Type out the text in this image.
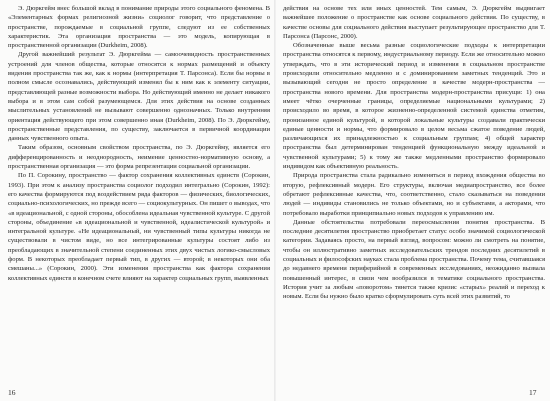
Э. Дюркгейм внес большой вклад в понимание природы этого социального феномена. В «Элементарных формах религиозной жизни» социолог говорит, что представление о пространстве, порождаемые в социальной группе, следуют из ее собственных характеристик. Эта организация пространства — это модель, копирующая в пространственной организации (Durkheim, 2008).

Другой важнейший результат Э. Дюркгейма — самоочевидность пространственных устроений для членов общества, которые относятся к нормах размещений и объекту видения пространства так же, как к нормы (интерпретация Т. Парсонса). Если бы нормы в полном смысле осознавались, действующий изменял бы к ним как к элементу ситуации, представляющей разные возможности выбора. Но действующий именно не делает никакого выбора и в этом сам собой разумеющемся. Для этих действия на основе созданных мыслительных установлений не вызывают совершенно однозначных. Только внутренняя ориентация действующего при этом совершенно иная (Durkheim, 2008). По Э. Дюркгейму, пространственные представления, по существу, заключается в первичной координации данных чувственного опыта.

Таким образом, основным свойством пространства, по Э. Дюркгейму, является его дифференцированность и неоднородность, неимение ценностно-нормативную основу, а пространственная организация — это форма репрезентации социальной организации.

По П. Сорокину, пространство — фактор сохранения коллективных единств (Сорокин, 1993). При этом к анализу пространства социолог подходил интегрально (Сорокин, 1992): его качества формируются под воздействием ряда факторов — физических, биологических, социально-психологических, но прежде всего — социокультурных. Он пишет о выводах, что «в идеациональной, с одной стороны, обособлена идеальная чувственной культуре. С другой стороны, объединение «в идеациональной и чувственной, идеалистической культурой» и интегральной культуре. «Не идеациональный, ни чувственный типы культуры никогда не существовали в чистом виде, но все интегрированные культуры состоят либо из преобладающих в значительной степени соединенных этих двух чистых логико-смысловых форм. В некоторых преобладает первый тип, в других — второй; в некоторых они оба смешаны...» (Сорокин, 2000). Эти изменения пространства как фактора сохранения коллективных единств в конечном счете влияют на характер социальных групп, выявленных

действия на основе тех или иных ценностей. Тем самым, Э. Дюркгейм выдвигает важнейшее положение о пространстве как основе социального действия. По существу, в качестве основы для социального действия выступает результирующее пространство для Т. Парсонса (Парсонс, 2000).

Обозначенные выше весьма разные социологические подходы к интерпретации пространства относятся к первому, индустриальному периоду. Если же относительно можно утверждать, что в эти исторический период и изменения в социальном пространстве происходили относительно медленно и с доминированием заметных тенденций. Это и вызывающий сегодня не просто определение в качестве модерн-пространства — пространства нового времени. Для пространства модерн-пространства присущи: 1) она имеет чётко очерченные границы, определяемые национальными культурами; 2) происходило во время, в которое жизненно-определенной системой единства отметим, пронизанное единой культурой, в которой локальные культуры создавали практически единые ценности и нормы, что формировало в целом весьма сжатое поведение людей, различающихся их принадлежностью к социальным группам; 4) общей характер пространства был детерминирован тенденцией функциональную между идеальной и чувственной культурами; 5) к тому же также медленными пространство формировало индивидом как объективную реальность.

Природа пространства стала радикально изменяться в период вхождения общества во вторую, рефлексивный модерн. Его структуры, включая медиапространство, все более обретают рефлексивные качества, что, соответственно, стало сказываться на поведении людей — индивиды становились не только объектами, но и субъектами, а акторами, что потребовало выработки принципиально новых подходов к управлению им.

Данные обстоятельства потребовали переосмысления понятия пространства. В последние десятилетия пространство приобретает статус особо значимой социологической категории. Задаваясь просто, на первый взгляд, вопросом: можно ли смотреть на понятие, чтобы он иллюстративно заметных исследовательских трендов последних десятилетий в социальных и философских науках стала проблема пространства. Почему тема, считавшаяся до недавнего времени периферийной в современных исследованиях, неожиданно вызвала повышенный интерес, в связи чем вообразился в тематике социального пространства. История учит за любым «поворотом» тянется также кризис «старых» реалий и переход к новым. Если бы нужно было кратко сформулировать суть всей этих развитий, то

16	17
